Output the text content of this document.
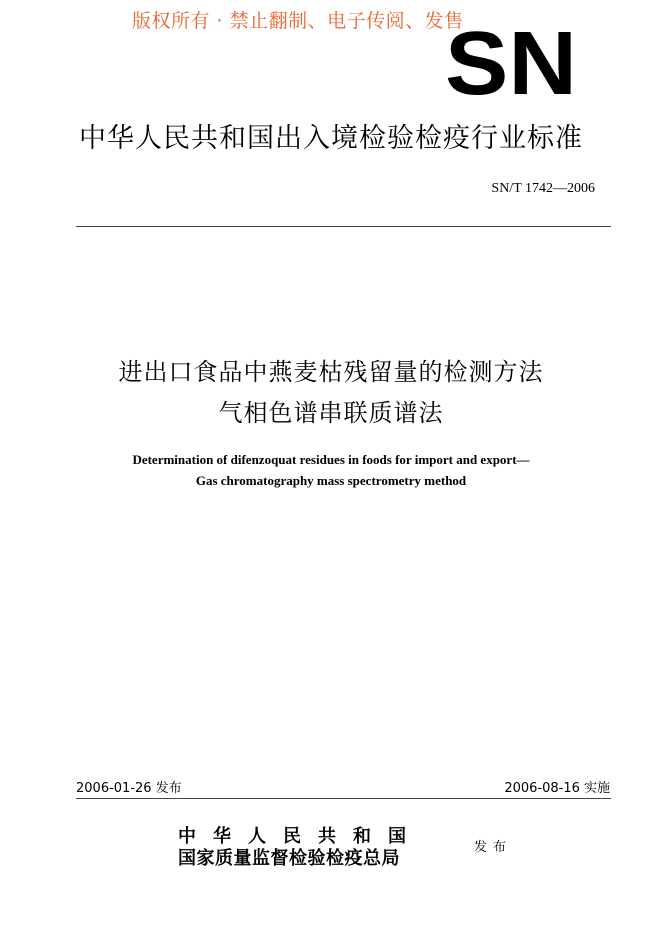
版权所有 · 禁止翻制、电子传阅、发售
SN
中华人民共和国出入境检验检疫行业标准
SN/T 1742—2006
进出口食品中燕麦枯残留量的检测方法
气相色谱串联质谱法
Determination of difenzoquat residues in foods for import and export—
Gas chromatography mass spectrometry method
2006-01-26 发布	2006-08-16 实施
中华人民共和国
国家质量监督检验检疫总局
发布
